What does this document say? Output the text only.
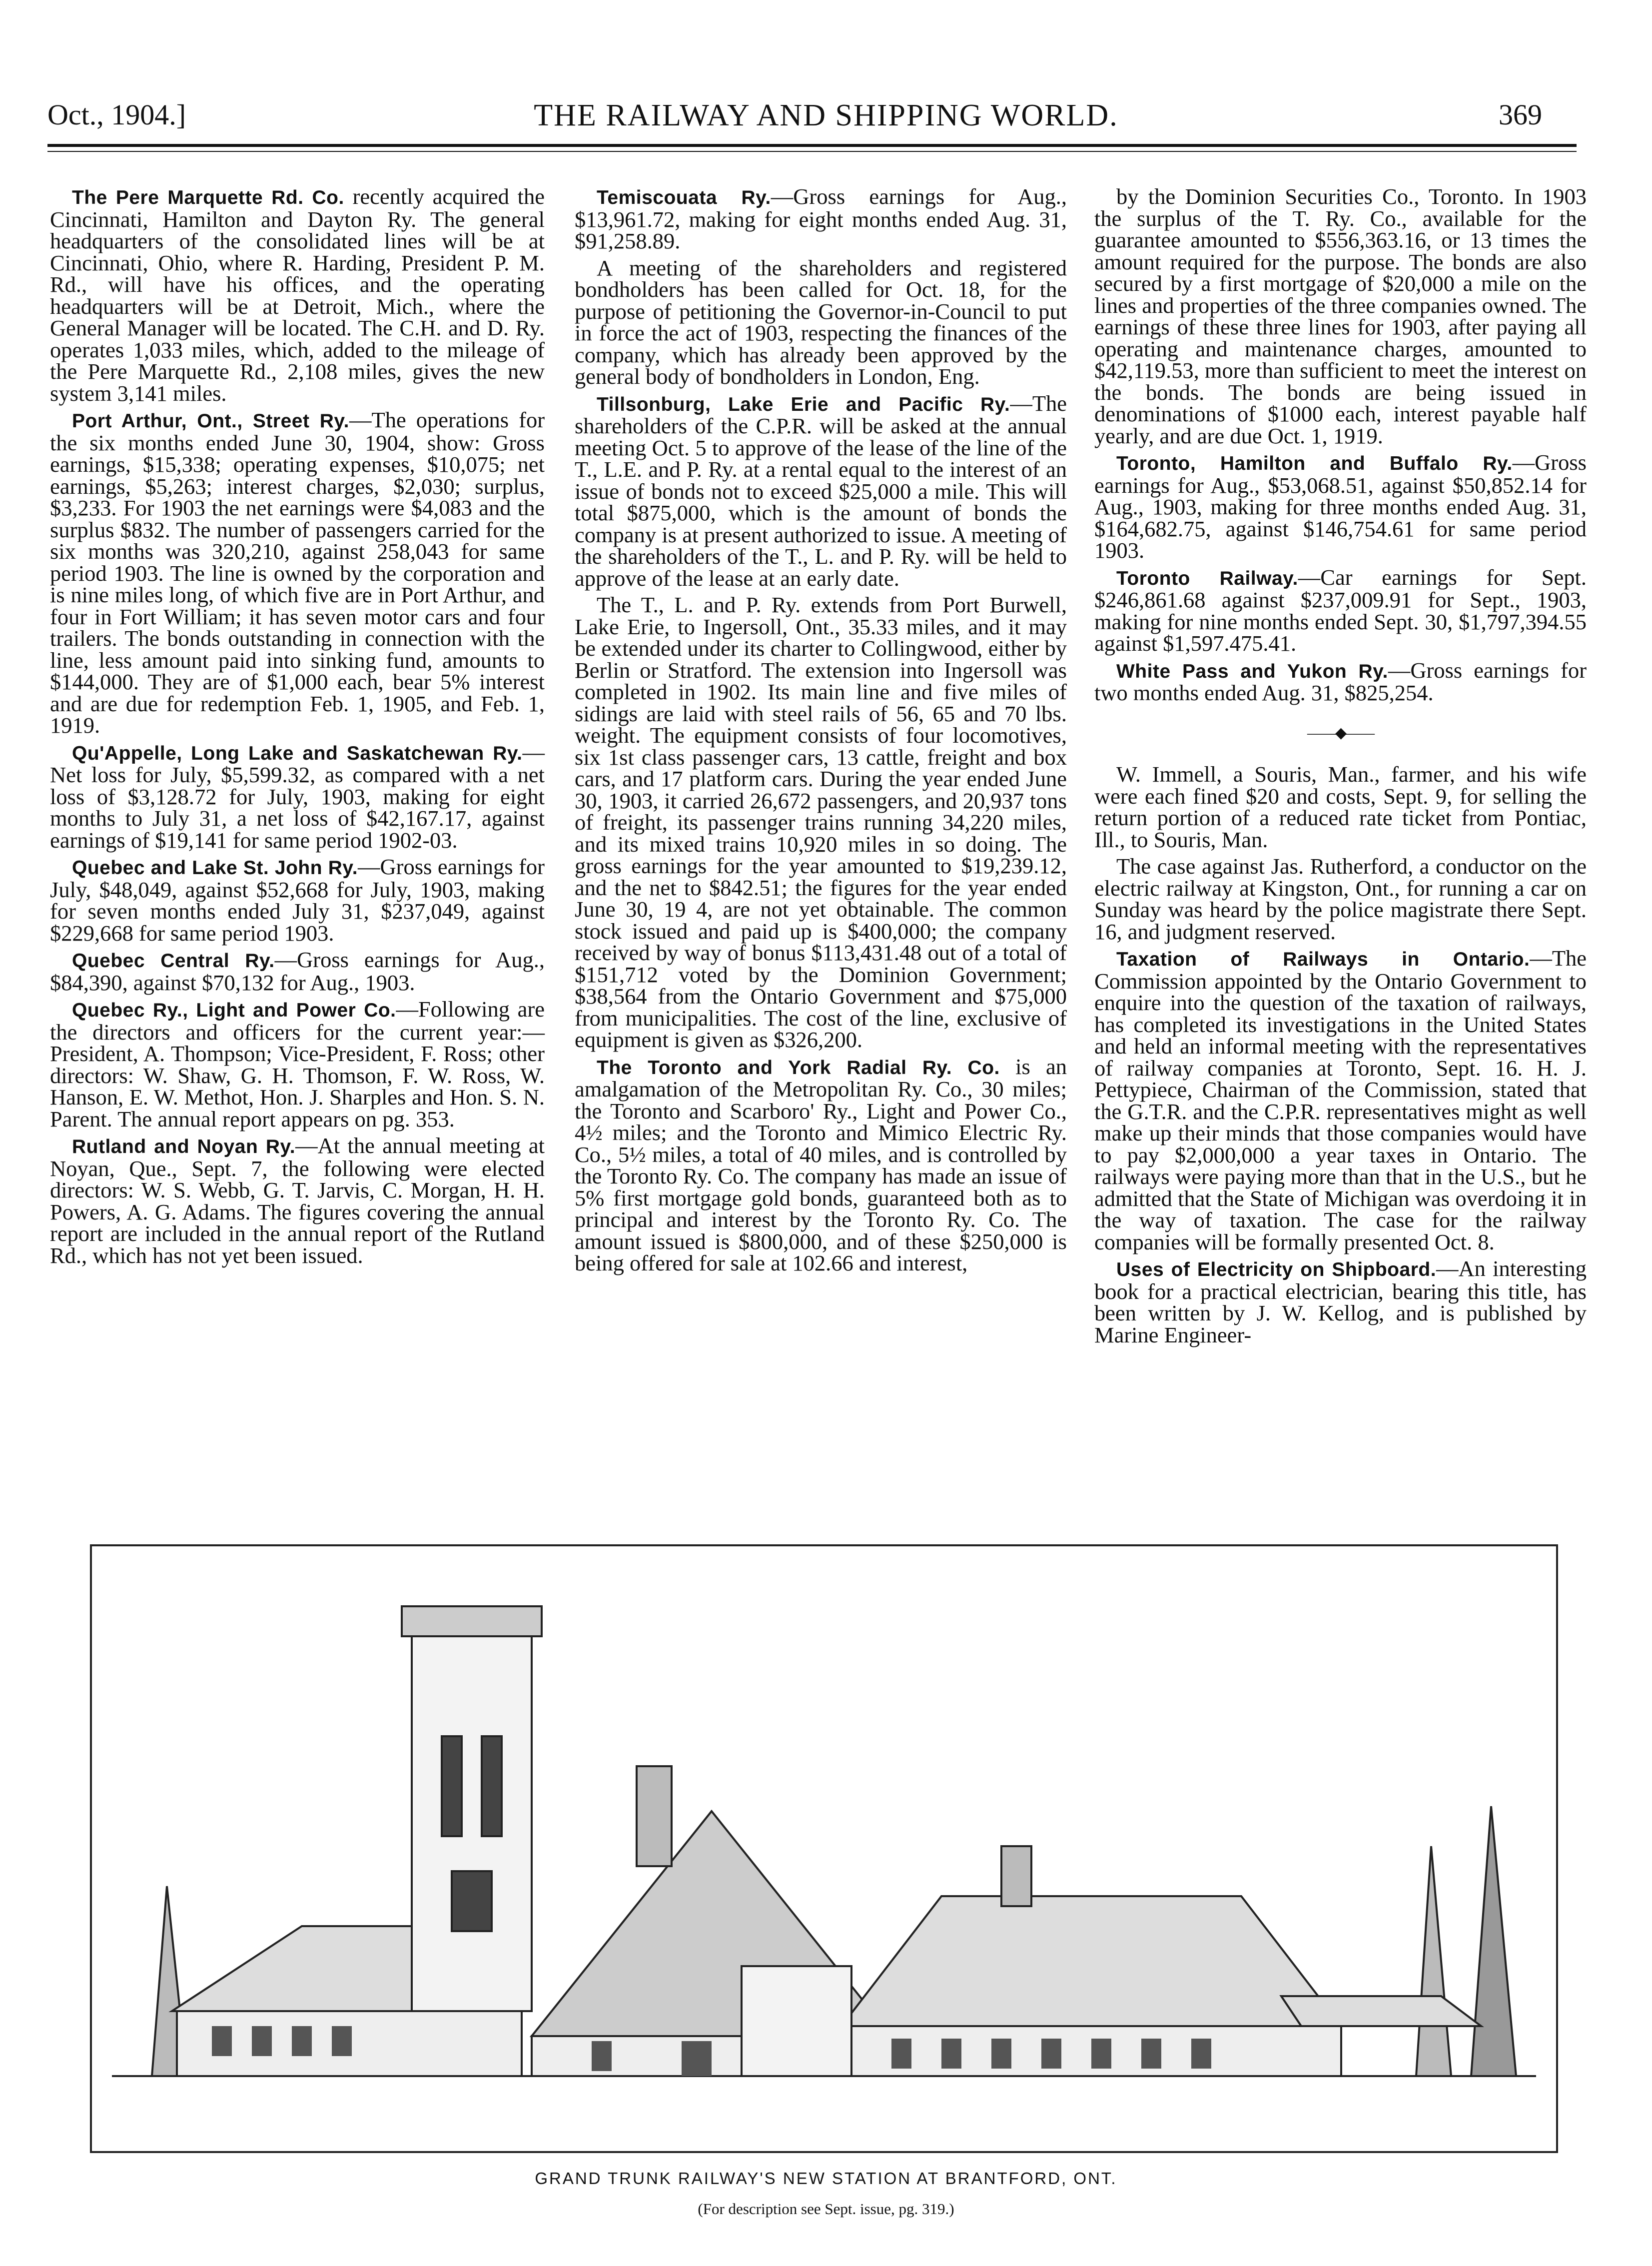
Oct., 1904.]	THE RAILWAY AND SHIPPING WORLD.	369

The Pere Marquette Rd. Co. recently acquired the Cincinnati, Hamilton and Dayton Ry. The general headquarters of the consolidated lines will be at Cincinnati, Ohio, where R. Harding, President P. M. Rd., will have his offices, and the operating headquarters will be at Detroit, Mich., where the General Manager will be located. The C.H. and D. Ry. operates 1,033 miles, which, added to the mileage of the Pere Marquette Rd., 2,108 miles, gives the new system 3,141 miles.

Port Arthur, Ont., Street Ry.—The operations for the six months ended June 30, 1904, show: Gross earnings, $15,338; operating expenses, $10,075; net earnings, $5,263; interest charges, $2,030; surplus, $3,233. For 1903 the net earnings were $4,083 and the surplus $832. The number of passengers carried for the six months was 320,210, against 258,043 for same period 1903. The line is owned by the corporation and is nine miles long, of which five are in Port Arthur, and four in Fort William; it has seven motor cars and four trailers. The bonds outstanding in connection with the line, less amount paid into sinking fund, amounts to $144,000. They are of $1,000 each, bear 5% interest and are due for redemption Feb. 1, 1905, and Feb. 1, 1919.

Qu'Appelle, Long Lake and Saskatchewan Ry.—Net loss for July, $5,599.32, as compared with a net loss of $3,128.72 for July, 1903, making for eight months to July 31, a net loss of $42,167.17, against earnings of $19,141 for same period 1902-03.

Quebec and Lake St. John Ry.—Gross earnings for July, $48,049, against $52,668 for July, 1903, making for seven months ended July 31, $237,049, against $229,668 for same period 1903.

Quebec Central Ry.—Gross earnings for Aug., $84,390, against $70,132 for Aug., 1903.

Quebec Ry., Light and Power Co.—Following are the directors and officers for the current year:—President, A. Thompson; Vice-President, F. Ross; other directors: W. Shaw, G. H. Thomson, F. W. Ross, W. Hanson, E. W. Methot, Hon. J. Sharples and Hon. S. N. Parent. The annual report appears on pg. 353.

Rutland and Noyan Ry.—At the annual meeting at Noyan, Que., Sept. 7, the following were elected directors: W. S. Webb, G. T. Jarvis, C. Morgan, H. H. Powers, A. G. Adams. The figures covering the annual report are included in the annual report of the Rutland Rd., which has not yet been issued.

Temiscouata Ry.—Gross earnings for Aug., $13,961.72, making for eight months ended Aug. 31, $91,258.89.

A meeting of the shareholders and registered bondholders has been called for Oct. 18, for the purpose of petitioning the Governor-in-Council to put in force the act of 1903, respecting the finances of the company, which has already been approved by the general body of bondholders in London, Eng.

Tillsonburg, Lake Erie and Pacific Ry.—The shareholders of the C.P.R. will be asked at the annual meeting Oct. 5 to approve of the lease of the line of the T., L.E. and P. Ry. at a rental equal to the interest of an issue of bonds not to exceed $25,000 a mile. This will total $875,000, which is the amount of bonds the company is at present authorized to issue. A meeting of the shareholders of the T., L. and P. Ry. will be held to approve of the lease at an early date.

The T., L. and P. Ry. extends from Port Burwell, Lake Erie, to Ingersoll, Ont., 35.33 miles, and it may be extended under its charter to Collingwood, either by Berlin or Stratford. The extension into Ingersoll was completed in 1902. Its main line and five miles of sidings are laid with steel rails of 56, 65 and 70 lbs. weight. The equipment consists of four locomotives, six 1st class passenger cars, 13 cattle, freight and box cars, and 17 platform cars. During the year ended June 30, 1903, it carried 26,672 passengers, and 20,937 tons of freight, its passenger trains running 34,220 miles, and its mixed trains 10,920 miles in so doing. The gross earnings for the year amounted to $19,239.12, and the net to $842.51; the figures for the year ended June 30, 19 4, are not yet obtainable. The common stock issued and paid up is $400,000; the company received by way of bonus $113,431.48 out of a total of $151,712 voted by the Dominion Government; $38,564 from the Ontario Government and $75,000 from municipalities. The cost of the line, exclusive of equipment is given as $326,200.

The Toronto and York Radial Ry. Co. is an amalgamation of the Metropolitan Ry. Co., 30 miles; the Toronto and Scarboro' Ry., Light and Power Co., 4½ miles; and the Toronto and Mimico Electric Ry. Co., 5½ miles, a total of 40 miles, and is controlled by the Toronto Ry. Co. The company has made an issue of 5% first mortgage gold bonds, guaranteed both as to principal and interest by the Toronto Ry. Co. The amount issued is $800,000, and of these $250,000 is being offered for sale at 102.66 and interest,

by the Dominion Securities Co., Toronto. In 1903 the surplus of the T. Ry. Co., available for the guarantee amounted to $556,363.16, or 13 times the amount required for the purpose. The bonds are also secured by a first mortgage of $20,000 a mile on the lines and properties of the three companies owned. The earnings of these three lines for 1903, after paying all operating and maintenance charges, amounted to $42,119.53, more than sufficient to meet the interest on the bonds. The bonds are being issued in denominations of $1000 each, interest payable half yearly, and are due Oct. 1, 1919.

Toronto, Hamilton and Buffalo Ry.—Gross earnings for Aug., $53,068.51, against $50,852.14 for Aug., 1903, making for three months ended Aug. 31, $164,682.75, against $146,754.61 for same period 1903.

Toronto Railway.—Car earnings for Sept. $246,861.68 against $237,009.91 for Sept., 1903, making for nine months ended Sept. 30, $1,797,394.55 against $1,597.475.41.

White Pass and Yukon Ry.—Gross earnings for two months ended Aug. 31, $825,254.

——◆——

W. Immell, a Souris, Man., farmer, and his wife were each fined $20 and costs, Sept. 9, for selling the return portion of a reduced rate ticket from Pontiac, Ill., to Souris, Man.

The case against Jas. Rutherford, a conductor on the electric railway at Kingston, Ont., for running a car on Sunday was heard by the police magistrate there Sept. 16, and judgment reserved.

Taxation of Railways in Ontario.—The Commission appointed by the Ontario Government to enquire into the question of the taxation of railways, has completed its investigations in the United States and held an informal meeting with the representatives of railway companies at Toronto, Sept. 16. H. J. Pettypiece, Chairman of the Commission, stated that the G.T.R. and the C.P.R. representatives might as well make up their minds that those companies would have to pay $2,000,000 a year taxes in Ontario. The railways were paying more than that in the U.S., but he admitted that the State of Michigan was overdoing it in the way of taxation. The case for the railway companies will be formally presented Oct. 8.

Uses of Electricity on Shipboard.—An interesting book for a practical electrician, bearing this title, has been written by J. W. Kellog, and is published by Marine Engineer-

GRAND TRUNK RAILWAY'S NEW STATION AT BRANTFORD, ONT.
(For description see Sept. issue, pg. 319.)
